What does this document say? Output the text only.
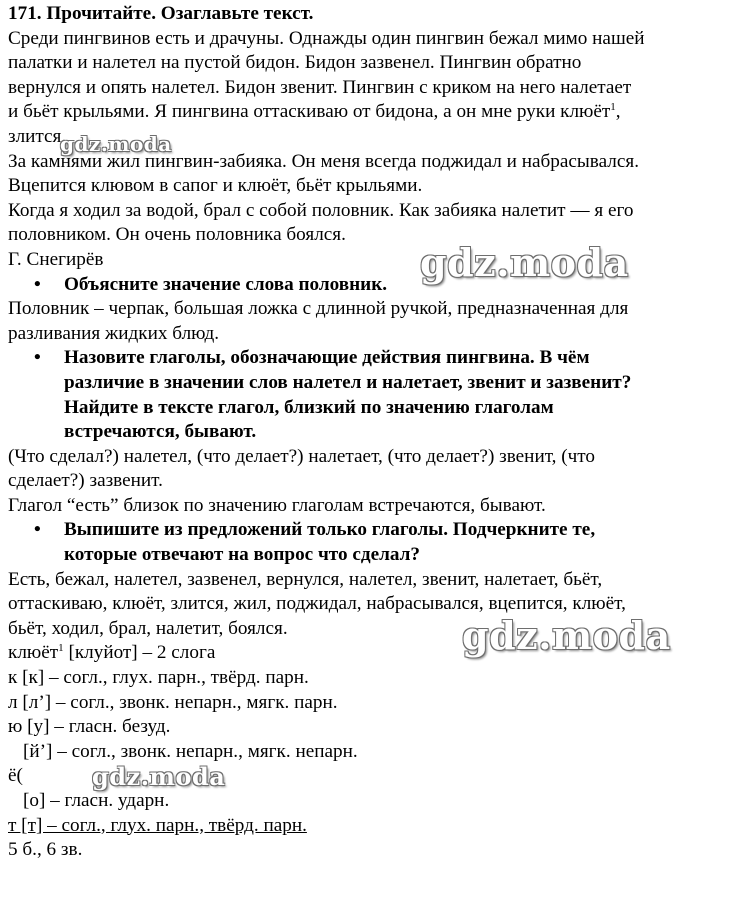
171. Прочитайте. Озаглавьте текст.
Среди пингвинов есть и драчуны. Однажды один пингвин бежал мимо нашей
палатки и налетел на пустой бидон. Бидон зазвенел. Пингвин обратно
вернулся и опять налетел. Бидон звенит. Пингвин с криком на него налетает
и бьёт крыльями. Я пингвина оттаскиваю от бидона, а он мне руки клюёт$^1$,
злится.
За камнями жил пингвин-забияка. Он меня всегда поджидал и набрасывался.
Вцепится клювом в сапог и клюёт, бьёт крыльями.
Когда я ходил за водой, брал с собой половник. Как забияка налетит — я его
половником. Он очень половника боялся.
Г. Снегирёв
• Объясните значение слова половник.
Половник – черпак, большая ложка с длинной ручкой, предназначенная для
разливания жидких блюд.
• Назовите глаголы, обозначающие действия пингвина. В чём
различие в значении слов налетел и налетает, звенит и зазвенит?
Найдите в тексте глагол, близкий по значению глаголам
встречаются, бывают.
(Что сделал?) налетел, (что делает?) налетает, (что делает?) звенит, (что
сделает?) зазвенит.
Глагол “есть” близок по значению глаголам встречаются, бывают.
• Выпишите из предложений только глаголы. Подчеркните те,
которые отвечают на вопрос что сделал?
Есть, бежал, налетел, зазвенел, вернулся, налетел, звенит, налетает, бьёт,
оттаскиваю, клюёт, злится, жил, поджидал, набрасывался, вцепится, клюёт,
бьёт, ходил, брал, налетит, боялся.
клюёт$^1$ [клуйот] – 2 слога
к [к] – согл., глух. парн., твёрд. парн.
л [л’] – согл., звонк. непарн., мягк. парн.
ю [у] – гласн. безуд.
[й’] – согл., звонк. непарн., мягк. непарн.
ё(
[о] – гласн. ударн.
т [т] – согл., глух. парн., твёрд. парн.
5 б., 6 зв.
gdz.moda
gdz.moda
gdz.moda
gdz.moda
